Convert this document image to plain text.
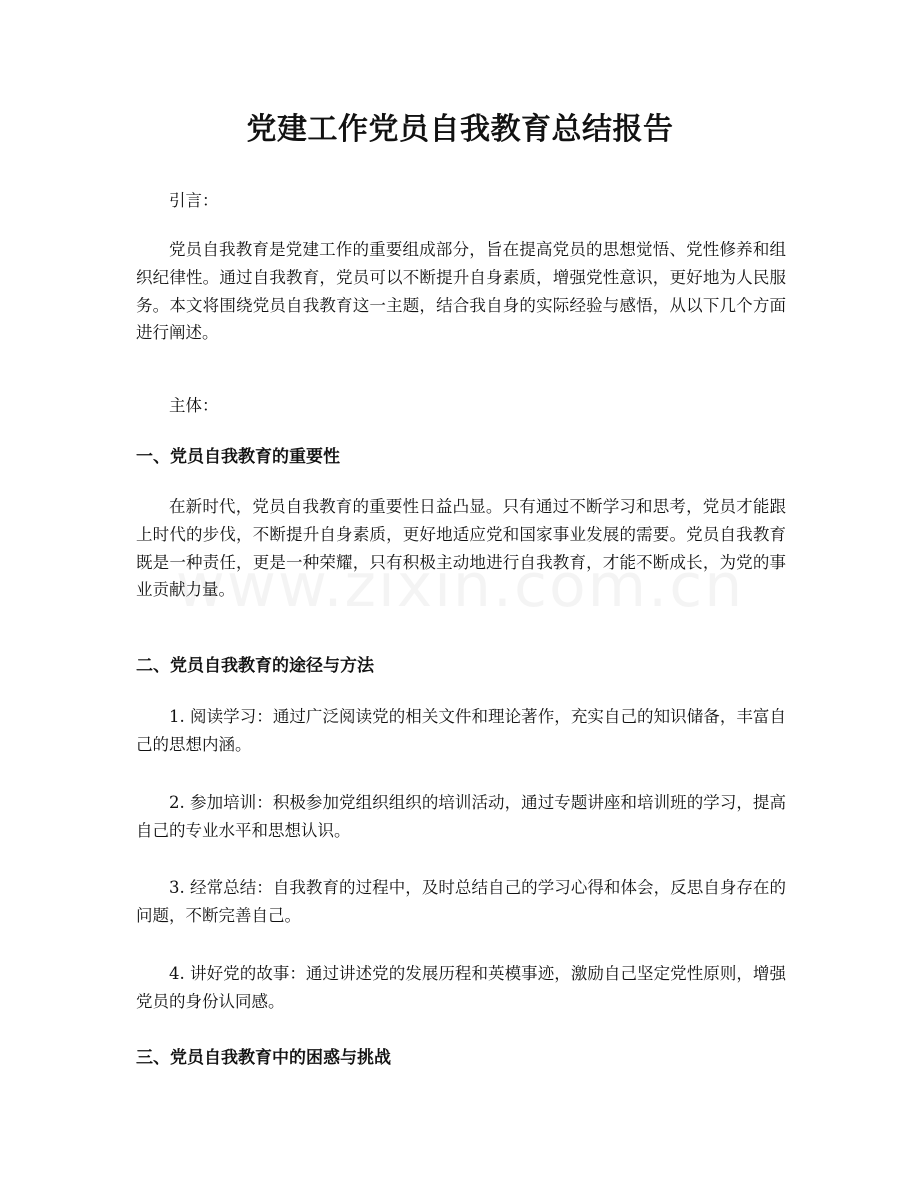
党建工作党员自我教育总结报告
引言：
党员自我教育是党建工作的重要组成部分，旨在提高党员的思想觉悟、党性修养和组织纪律性。通过自我教育，党员可以不断提升自身素质，增强党性意识，更好地为人民服务。本文将围绕党员自我教育这一主题，结合我自身的实际经验与感悟，从以下几个方面进行阐述。
主体：
一、党员自我教育的重要性
在新时代，党员自我教育的重要性日益凸显。只有通过不断学习和思考，党员才能跟上时代的步伐，不断提升自身素质，更好地适应党和国家事业发展的需要。党员自我教育既是一种责任，更是一种荣耀，只有积极主动地进行自我教育，才能不断成长，为党的事业贡献力量。
二、党员自我教育的途径与方法
1. 阅读学习：通过广泛阅读党的相关文件和理论著作，充实自己的知识储备，丰富自己的思想内涵。
2. 参加培训：积极参加党组织组织的培训活动，通过专题讲座和培训班的学习，提高自己的专业水平和思想认识。
3. 经常总结：自我教育的过程中，及时总结自己的学习心得和体会，反思自身存在的问题，不断完善自己。
4. 讲好党的故事：通过讲述党的发展历程和英模事迹，激励自己坚定党性原则，增强党员的身份认同感。
三、党员自我教育中的困惑与挑战
